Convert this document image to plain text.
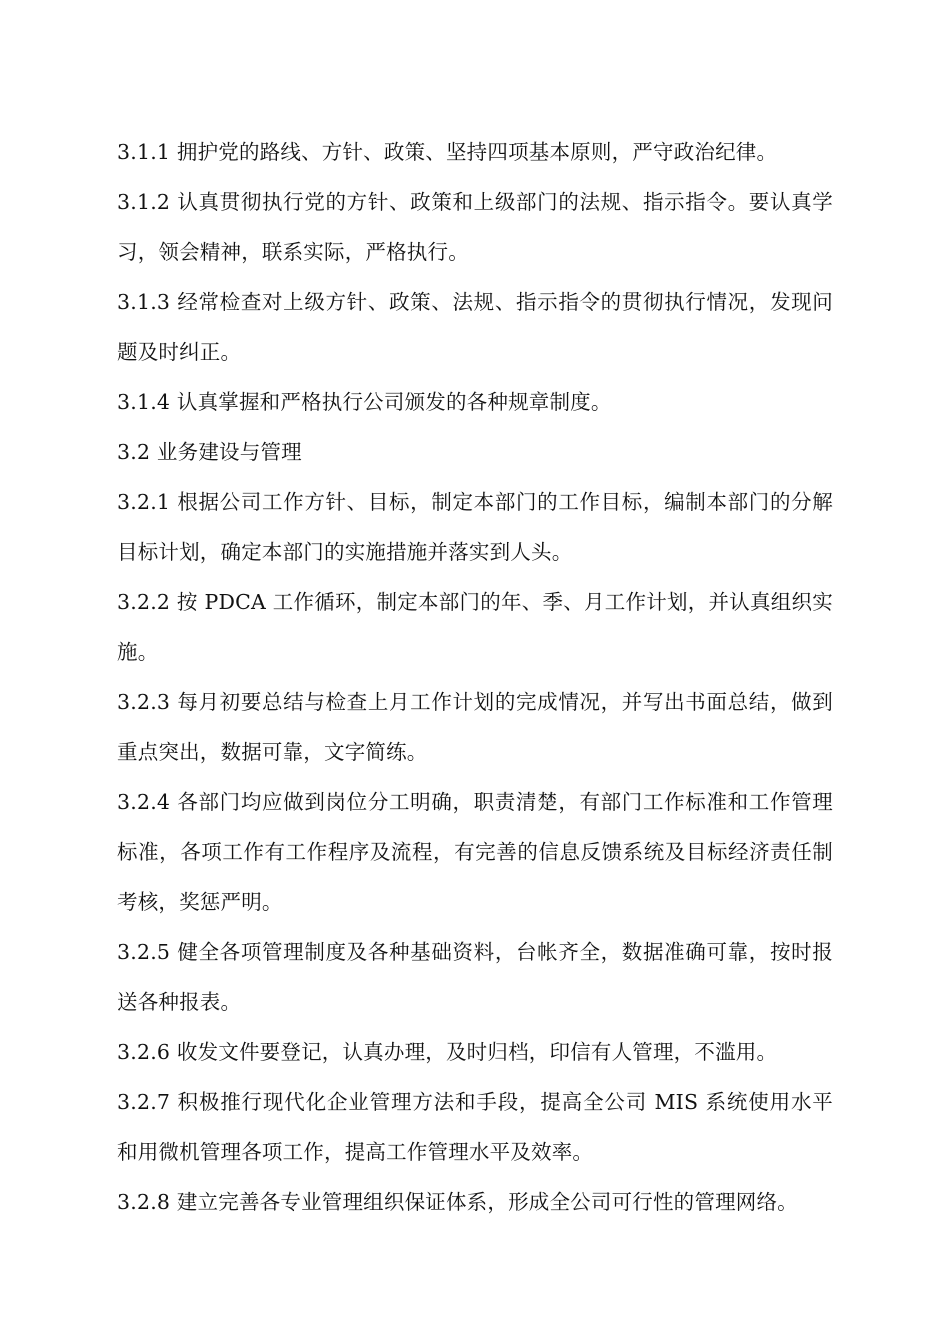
3.1.1 拥护党的路线、方针、政策、坚持四项基本原则，严守政治纪律。

3.1.2 认真贯彻执行党的方针、政策和上级部门的法规、指示指令。要认真学习，领会精神，联系实际，严格执行。

3.1.3 经常检查对上级方针、政策、法规、指示指令的贯彻执行情况，发现问题及时纠正。

3.1.4 认真掌握和严格执行公司颁发的各种规章制度。

3.2 业务建设与管理

3.2.1 根据公司工作方针、目标，制定本部门的工作目标，编制本部门的分解目标计划，确定本部门的实施措施并落实到人头。

3.2.2 按 PDCA 工作循环，制定本部门的年、季、月工作计划，并认真组织实施。

3.2.3 每月初要总结与检查上月工作计划的完成情况，并写出书面总结，做到重点突出，数据可靠，文字简练。

3.2.4 各部门均应做到岗位分工明确，职责清楚，有部门工作标准和工作管理标准，各项工作有工作程序及流程，有完善的信息反馈系统及目标经济责任制考核，奖惩严明。

3.2.5 健全各项管理制度及各种基础资料，台帐齐全，数据准确可靠，按时报送各种报表。

3.2.6 收发文件要登记，认真办理，及时归档，印信有人管理，不滥用。

3.2.7 积极推行现代化企业管理方法和手段，提高全公司 MIS 系统使用水平和用微机管理各项工作，提高工作管理水平及效率。

3.2.8 建立完善各专业管理组织保证体系，形成全公司可行性的管理网络。
